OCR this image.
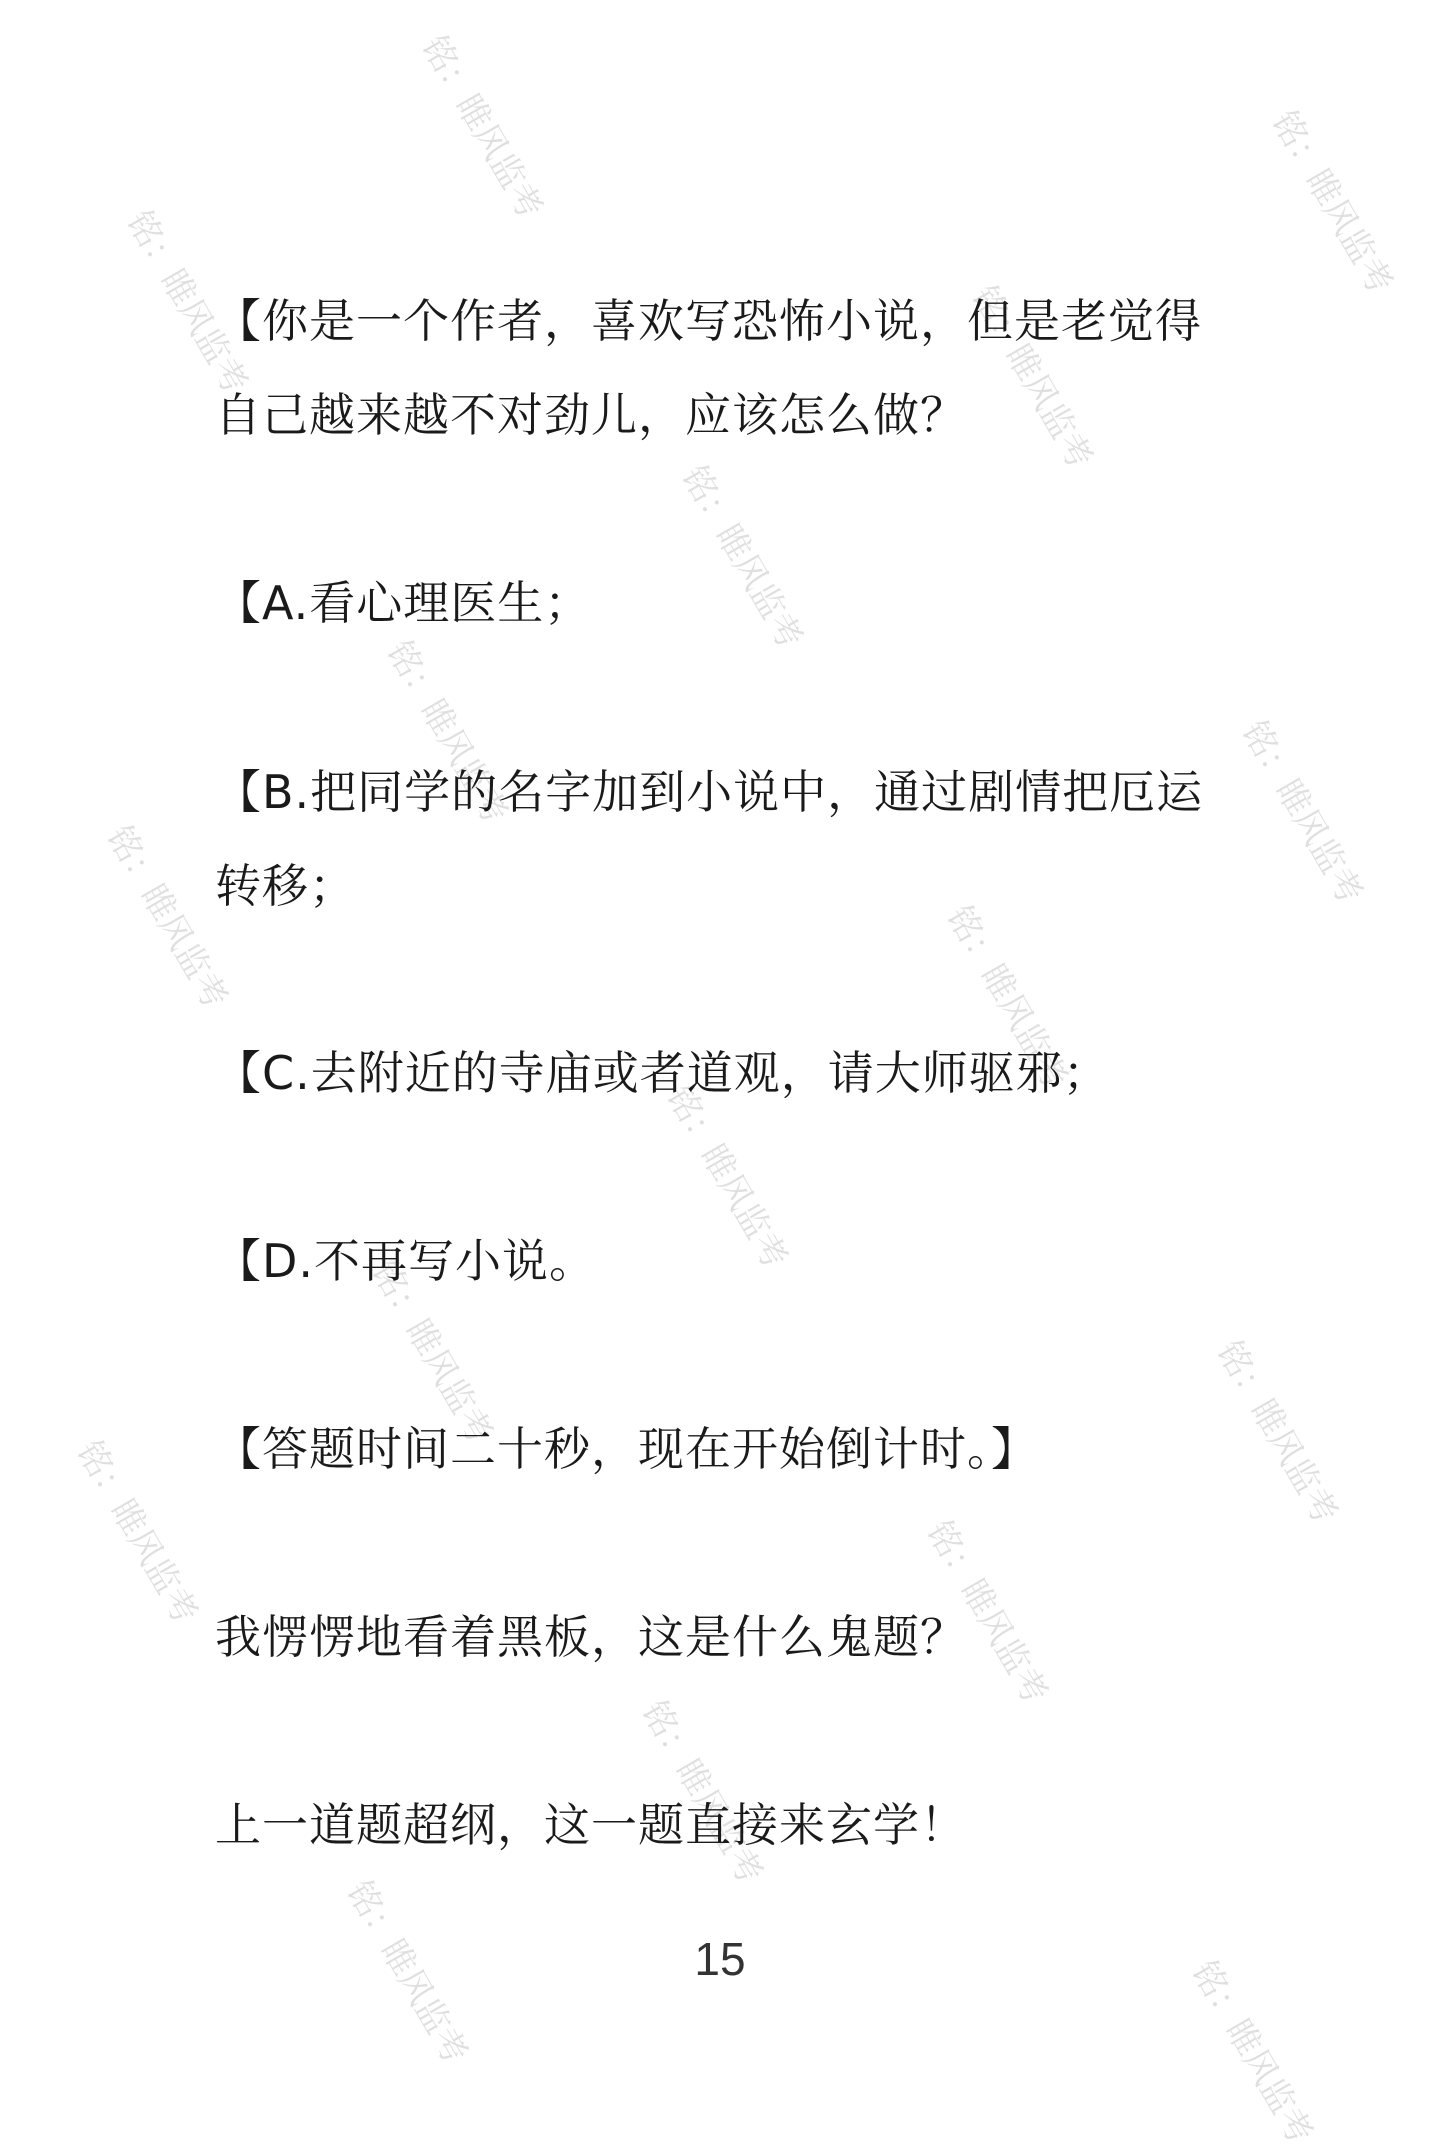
铭：睢风监考	铭：睢风监考
铭：睢风监考	铭：睢风监考
铭：睢风监考
铭：睢风监考	铭：睢风监考
铭：睢风监考	铭：睢风监考
铭：睢风监考
铭：睢风监考	铭：睢风监考
铭：睢风监考	铭：睢风监考
铭：睢风监考
铭：睢风监考	铭：睢风监考

【你是一个作者，喜欢写恐怖小说，但是老觉得自己越来越不对劲儿，应该怎么做？

【A.看心理医生；

【B.把同学的名字加到小说中，通过剧情把厄运转移；

【C.去附近的寺庙或者道观，请大师驱邪；

【D.不再写小说。

【答题时间二十秒，现在开始倒计时。】

我愣愣地看着黑板，这是什么鬼题？

上一道题超纲，这一题直接来玄学！

15
